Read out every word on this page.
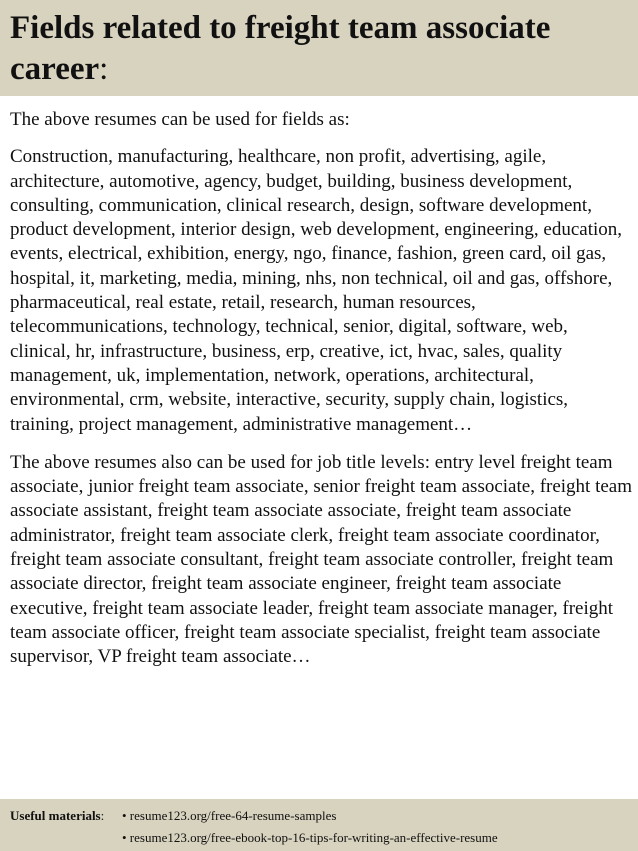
Fields related to freight team associate career:

The above resumes can be used for fields as:

Construction, manufacturing, healthcare, non profit, advertising, agile, architecture, automotive, agency, budget, building, business development, consulting, communication, clinical research, design, software development, product development, interior design, web development, engineering, education, events, electrical, exhibition, energy, ngo, finance, fashion, green card, oil gas, hospital, it, marketing, media, mining, nhs, non technical, oil and gas, offshore, pharmaceutical, real estate, retail, research, human resources, telecommunications, technology, technical, senior, digital, software, web, clinical, hr, infrastructure, business, erp, creative, ict, hvac, sales, quality management, uk, implementation, network, operations, architectural, environmental, crm, website, interactive, security, supply chain, logistics, training, project management, administrative management…

The above resumes also can be used for job title levels: entry level freight team associate, junior freight team associate, senior freight team associate, freight team associate assistant, freight team associate associate, freight team associate administrator, freight team associate clerk, freight team associate coordinator, freight team associate consultant, freight team associate controller, freight team associate director, freight team associate engineer, freight team associate executive, freight team associate leader, freight team associate manager, freight team associate officer, freight team associate specialist, freight team associate supervisor, VP freight team associate…

Useful materials:	• resume123.org/free-64-resume-samples
• resume123.org/free-ebook-top-16-tips-for-writing-an-effective-resume
